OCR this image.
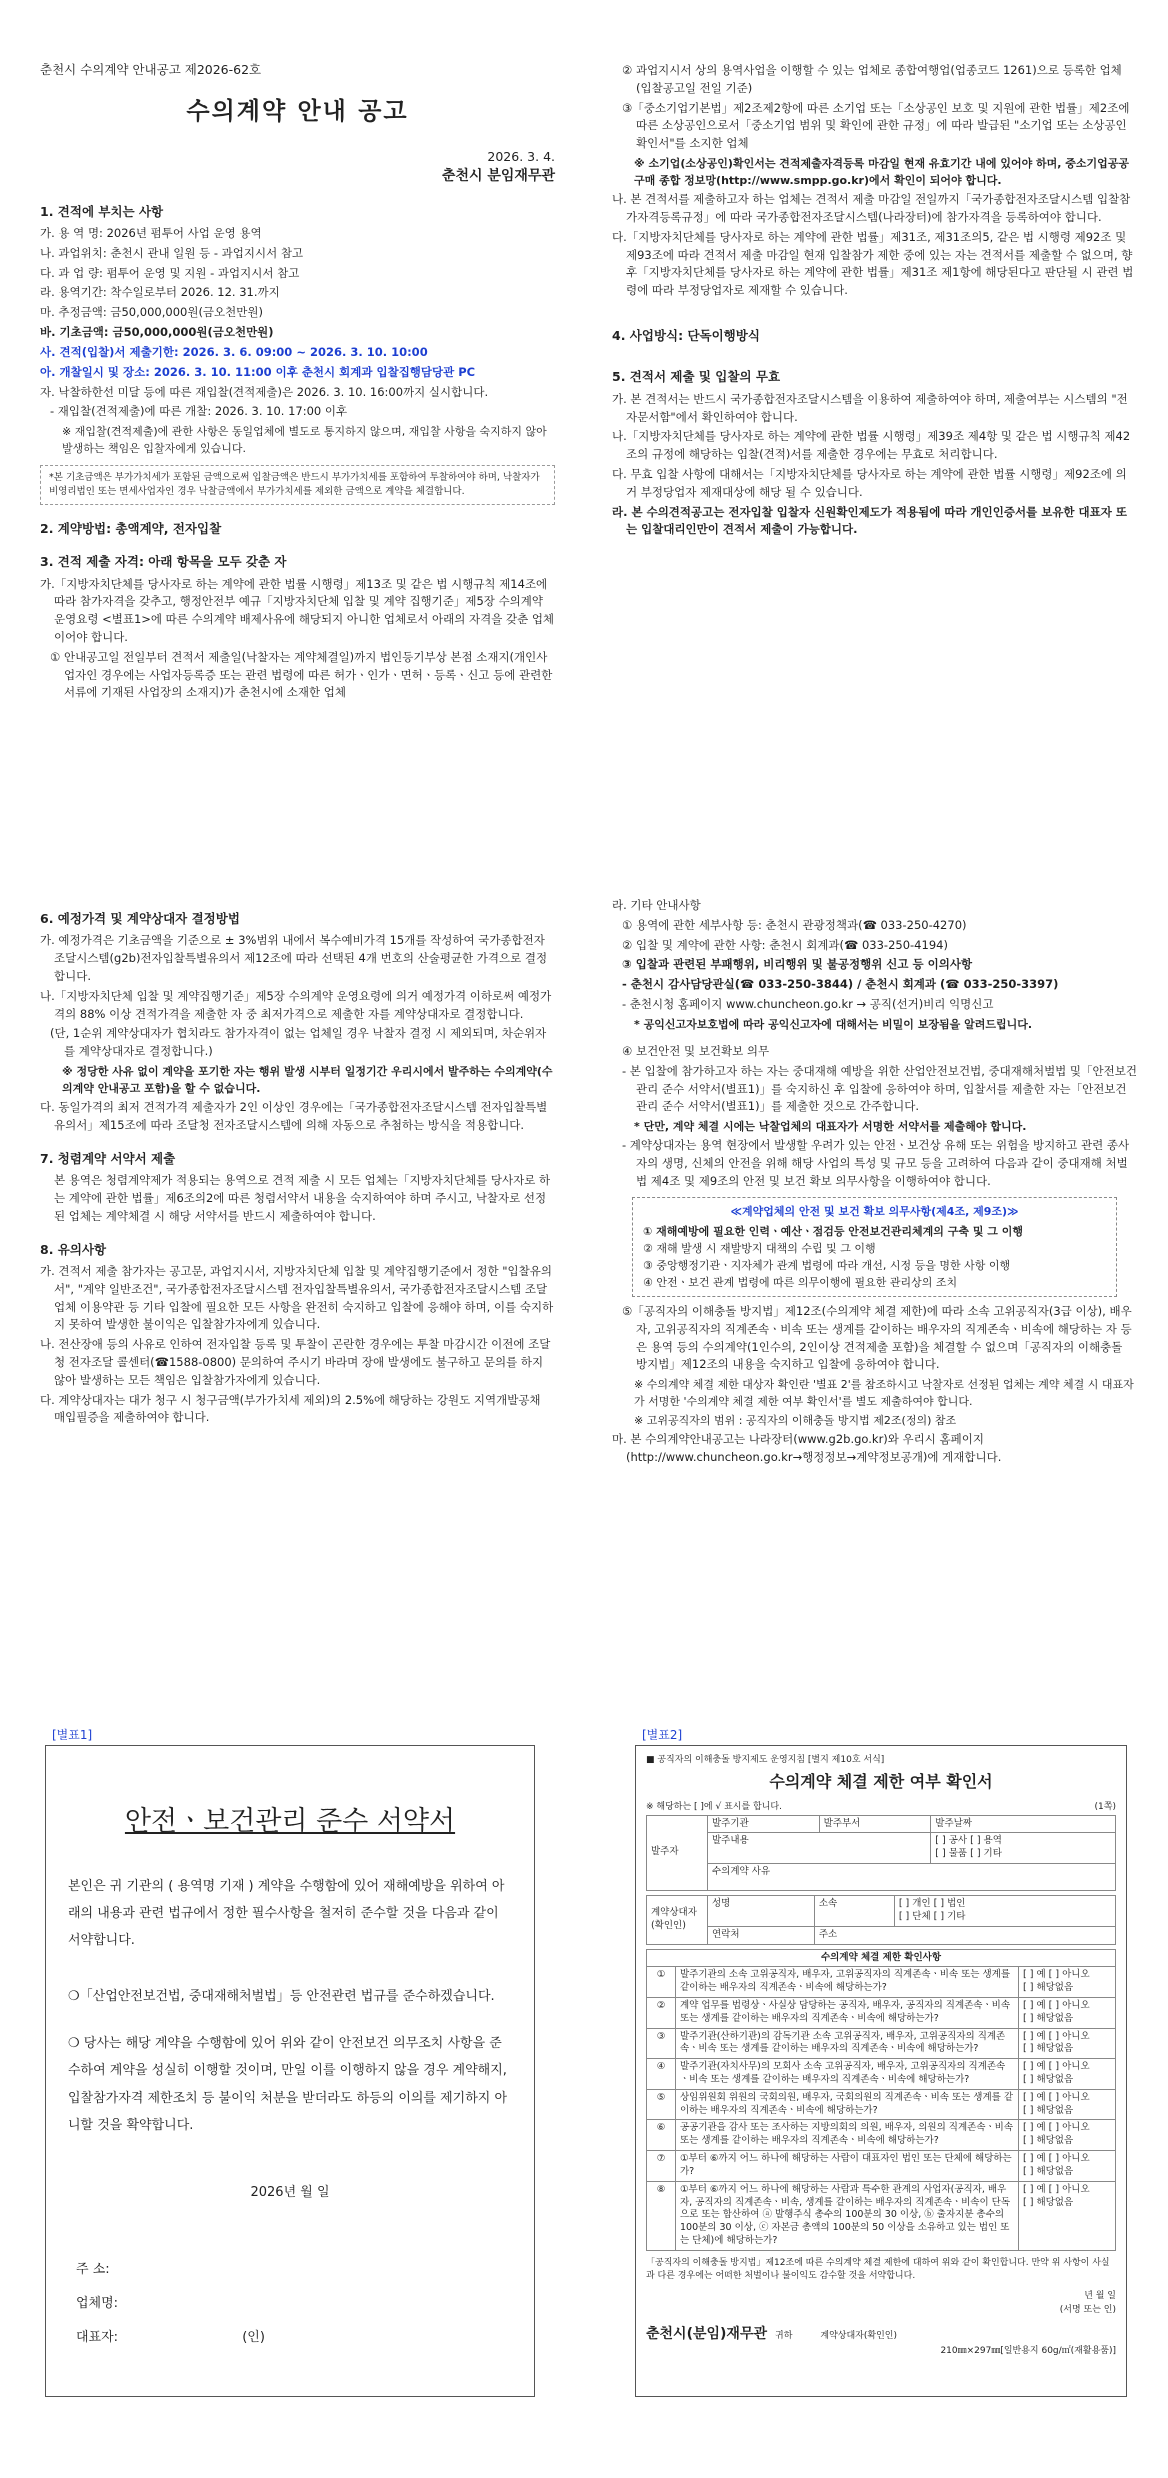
춘천시 수의계약 안내공고 제2026-62호
수의계약 안내 공고
2026. 3. 4.
춘천시 분임재무관
1. 견적에 부치는 사항
가. 용 역 명: 2026년 펌투어 사업 운영 용역
나. 과업위치: 춘천시 관내 일원 등 - 과업지시서 참고
다. 과 업 량: 펌투어 운영 및 지원 - 과업지시서 참고
라. 용역기간: 착수일로부터 2026. 12. 31.까지
마. 추정금액: 금50,000,000원(금오천만원)
바. 기초금액: 금50,000,000원(금오천만원)
사. 견적(입찰)서 제출기한: 2026. 3. 6. 09:00 ~ 2026. 3. 10. 10:00
아. 개찰일시 및 장소: 2026. 3. 10. 11:00 이후 춘천시 회계과 입찰집행담당관 PC
자. 낙찰하한선 미달 등에 따른 재입찰(견적제출)은 2026. 3. 10. 16:00까지 실시합니다.
- 재입찰(견적제출)에 따른 개찰: 2026. 3. 10. 17:00 이후
※ 재입찰(견적제출)에 관한 사항은 동일업체에 별도로 통지하지 않으며, 재입찰 사항을 숙지하지 않아 발생하는 책임은 입찰자에게 있습니다.
*본 기초금액은 부가가치세가 포함된 금액으로써 입찰금액은 반드시 부가가치세를 포함하여 투찰하여야 하며, 낙찰자가 비영리법인 또는 면세사업자인 경우 낙찰금액에서 부가가치세를 제외한 금액으로 계약을 체결합니다.
2. 계약방법: 총액계약, 전자입찰
3. 견적 제출 자격: 아래 항목을 모두 갖춘 자
가.「지방자치단체를 당사자로 하는 계약에 관한 법률 시행령」제13조 및 같은 법 시행규칙 제14조에 따라 참가자격을 갖추고, 행정안전부 예규「지방자치단체 입찰 및 계약 집행기준」제5장 수의계약 운영요령 <별표1>에 따른 수의계약 배제사유에 해당되지 아니한 업체로서 아래의 자격을 갖춘 업체이어야 합니다.
① 안내공고일 전일부터 견적서 제출일(낙찰자는 계약체결일)까지 법인등기부상 본점 소재지(개인사업자인 경우에는 사업자등록증 또는 관련 법령에 따른 허가ㆍ인가ㆍ면허ㆍ등록ㆍ신고 등에 관련한 서류에 기재된 사업장의 소재지)가 춘천시에 소재한 업체
② 과업지시서 상의 용역사업을 이행할 수 있는 업체로 종합여행업(업종코드 1261)으로 등록한 업체(입찰공고일 전일 기준)
③「중소기업기본법」제2조제2항에 따른 소기업 또는「소상공인 보호 및 지원에 관한 법률」제2조에 따른 소상공인으로서「중소기업 범위 및 확인에 관한 규정」에 따라 발급된 "소기업 또는 소상공인 확인서"를 소지한 업체
※ 소기업(소상공인)확인서는 견적제출자격등록 마감일 현재 유효기간 내에 있어야 하며, 중소기업공공구매 종합 정보망(http://www.smpp.go.kr)에서 확인이 되어야 합니다.
나. 본 견적서를 제출하고자 하는 업체는 견적서 제출 마감일 전일까지「국가종합전자조달시스템 입찰참가자격등록규정」에 따라 국가종합전자조달시스템(나라장터)에 참가자격을 등록하여야 합니다.
다.「지방자치단체를 당사자로 하는 계약에 관한 법률」제31조, 제31조의5, 같은 법 시행령 제92조 및 제93조에 따라 견적서 제출 마감일 현재 입찰참가 제한 중에 있는 자는 견적서를 제출할 수 없으며, 향후「지방자치단체를 당사자로 하는 계약에 관한 법률」제31조 제1항에 해당된다고 판단될 시 관련 법령에 따라 부정당업자로 제재할 수 있습니다.
4. 사업방식: 단독이행방식
5. 견적서 제출 및 입찰의 무효
가. 본 견적서는 반드시 국가종합전자조달시스템을 이용하여 제출하여야 하며, 제출여부는 시스템의 "전자문서함"에서 확인하여야 합니다.
나.「지방자치단체를 당사자로 하는 계약에 관한 법률 시행령」제39조 제4항 및 같은 법 시행규칙 제42조의 규정에 해당하는 입찰(견적)서를 제출한 경우에는 무효로 처리합니다.
다. 무효 입찰 사항에 대해서는「지방자치단체를 당사자로 하는 계약에 관한 법률 시행령」제92조에 의거 부정당업자 제재대상에 해당 될 수 있습니다.
라. 본 수의견적공고는 전자입찰 입찰자 신원확인제도가 적용됨에 따라 개인인증서를 보유한 대표자 또는 입찰대리인만이 견적서 제출이 가능합니다.
6. 예정가격 및 계약상대자 결정방법
가. 예정가격은 기초금액을 기준으로 ± 3%범위 내에서 복수예비가격 15개를 작성하여 국가종합전자조달시스템(g2b)전자입찰특별유의서 제12조에 따라 선택된 4개 번호의 산술평균한 가격으로 결정합니다.
나.「지방자치단체 입찰 및 계약집행기준」제5장 수의계약 운영요령에 의거 예정가격 이하로써 예정가격의 88% 이상 견적가격을 제출한 자 중 최저가격으로 제출한 자를 계약상대자로 결정합니다.
(단, 1순위 계약상대자가 협치라도 참가자격이 없는 업체일 경우 낙찰자 결정 시 제외되며, 차순위자를 계약상대자로 결정합니다.)
※ 정당한 사유 없이 계약을 포기한 자는 행위 발생 시부터 일정기간 우리시에서 발주하는 수의계약(수의계약 안내공고 포함)을 할 수 없습니다.
다. 동일가격의 최저 견적가격 제출자가 2인 이상인 경우에는「국가종합전자조달시스템 전자입찰특별유의서」제15조에 따라 조달청 전자조달시스템에 의해 자동으로 추첨하는 방식을 적용합니다.
7. 청렴계약 서약서 제출
본 용역은 청렴계약제가 적용되는 용역으로 견적 제출 시 모든 업체는「지방자치단체를 당사자로 하는 계약에 관한 법률」제6조의2에 따른 청렴서약서 내용을 숙지하여야 하며 주시고, 낙찰자로 선정된 업체는 계약체결 시 해당 서약서를 반드시 제출하여야 합니다.
8. 유의사항
가. 견적서 제출 참가자는 공고문, 과업지시서, 지방자치단체 입찰 및 계약집행기준에서 정한 "입찰유의서", "계약 일반조건", 국가종합전자조달시스템 전자입찰특별유의서, 국가종합전자조달시스템 조달업체 이용약관 등 기타 입찰에 필요한 모든 사항을 완전히 숙지하고 입찰에 응해야 하며, 이를 숙지하지 못하여 발생한 불이익은 입찰참가자에게 있습니다.
나. 전산장애 등의 사유로 인하여 전자입찰 등록 및 투찰이 곤란한 경우에는 투찰 마감시간 이전에 조달청 전자조달 콜센터(☎1588-0800) 문의하여 주시기 바라며 장애 발생에도 불구하고 문의를 하지 않아 발생하는 모든 책임은 입찰참가자에게 있습니다.
다. 계약상대자는 대가 청구 시 청구금액(부가가치세 제외)의 2.5%에 해당하는 강원도 지역개발공채 매입필증을 제출하여야 합니다.
라. 기타 안내사항
① 용역에 관한 세부사항 등: 춘천시 관광정책과(☎ 033-250-4270)
② 입찰 및 계약에 관한 사항: 춘천시 회계과(☎ 033-250-4194)
③ 입찰과 관련된 부패행위, 비리행위 및 불공정행위 신고 등 이의사항
- 춘천시 감사담당관실(☎ 033-250-3844) / 춘천시 회계과 (☎ 033-250-3397)
- 춘천시청 홈페이지 www.chuncheon.go.kr → 공직(선거)비리 익명신고
* 공익신고자보호법에 따라 공익신고자에 대해서는 비밀이 보장됨을 알려드립니다.
④ 보건안전 및 보건확보 의무
- 본 입찰에 참가하고자 하는 자는 중대재해 예방을 위한 산업안전보건법, 중대재해처벌법 및「안전보건관리 준수 서약서(별표1)」를 숙지하신 후 입찰에 응하여야 하며, 입찰서를 제출한 자는「안전보건관리 준수 서약서(별표1)」를 제출한 것으로 간주합니다.
* 단만, 계약 체결 시에는 낙찰업체의 대표자가 서명한 서약서를 제출해야 합니다.
- 계약상대자는 용역 현장에서 발생할 우려가 있는 안전ㆍ보건상 유해 또는 위험을 방지하고 관련 종사자의 생명, 신체의 안전을 위해 해당 사업의 특성 및 규모 등을 고려하여 다음과 같이 중대재해 처벌법 제4조 및 제9조의 안전 및 보건 확보 의무사항을 이행하여야 합니다.
≪계약업체의 안전 및 보건 확보 의무사항(제4조, 제9조)≫
① 재해예방에 필요한 인력ㆍ예산ㆍ점검등 안전보건관리체계의 구축 및 그 이행
② 재해 발생 시 재발방지 대책의 수립 및 그 이행
③ 중앙행정기관ㆍ지자체가 관계 법령에 따라 개선, 시정 등을 명한 사항 이행
④ 안전ㆍ보건 관계 법령에 따른 의무이행에 필요한 관리상의 조치
⑤「공직자의 이해충돌 방지법」제12조(수의계약 체결 제한)에 따라 소속 고위공직자(3급 이상), 배우자, 고위공직자의 직계존속ㆍ비속 또는 생계를 같이하는 배우자의 직계존속ㆍ비속에 해당하는 자 등은 용역 등의 수의계약(1인수의, 2인이상 견적제출 포함)을 체결할 수 없으며「공직자의 이해충돌 방지법」제12조의 내용을 숙지하고 입찰에 응하여야 합니다.
※ 수의계약 체결 제한 대상자 확인란 '별표 2'를 참조하시고 낙찰자로 선정된 업체는 계약 체결 시 대표자가 서명한 '수의계약 체결 제한 여부 확인서'를 별도 제출하여야 합니다.
※ 고위공직자의 범위 : 공직자의 이해충돌 방지법 제2조(정의) 참조
마. 본 수의계약안내공고는 나라장터(www.g2b.go.kr)와 우리시 홈페이지 (http://www.chuncheon.go.kr→행정정보→계약정보공개)에 게재합니다.
[별표1]
안전ㆍ보건관리 준수 서약서
본인은 귀 기관의 ( 용역명 기재 ) 계약을 수행함에 있어 재해예방을 위하여 아래의 내용과 관련 법규에서 정한 필수사항을 철저히 준수할 것을 다음과 같이 서약합니다.
❍「산업안전보건법, 중대재해처벌법」등 안전관련 법규를 준수하겠습니다.
❍ 당사는 해당 계약을 수행함에 있어 위와 같이 안전보건 의무조치 사항을 준수하여 계약을 성실히 이행할 것이며, 만일 이를 이행하지 않을 경우 계약해지, 입찰참가자격 제한조치 등 불이익 처분을 받더라도 하등의 이의를 제기하지 아니할 것을 확약합니다.
2026년 월 일
주 소:
업체명:
대표자:	(인)
[별표2]
■ 공직자의 이해충돌 방지제도 운영지침 [별지 제10호 서식]
수의계약 체결 제한 여부 확인서
※ 해당하는 [ ]에 √ 표시를 합니다.	(1쪽)
발주자	발주기관	발주부서	발주날짜
	발주내용		[ ] 공사 [ ] 용역
[ ] 물품 [ ] 기타

	수의계약 사유		
계약상대자 (확인인)	성명	소속	[ ] 개인 [ ] 법인
[ ] 단체 [ ] 기타

	연락처	주소	
수의계약 체결 제한 확인사항		
①	발주기관의 소속 고위공직자, 배우자, 고위공직자의 직계존속ㆍ비속 또는 생계를 같이하는 배우자의 직계존속ㆍ비속에 해당하는가?	[ ] 예 [ ] 아니오
[ ] 해당없음

②	계약 업무를 법령상ㆍ사실상 담당하는 공직자, 배우자, 공직자의 직계존속ㆍ비속 또는 생계를 같이하는 배우자의 직계존속ㆍ비속에 해당하는가?	[ ] 예 [ ] 아니오
[ ] 해당없음

③	발주기관(산하기관)의 감독기관 소속 고위공직자, 배우자, 고위공직자의 직계존속ㆍ비속 또는 생계를 같이하는 배우자의 직계존속ㆍ비속에 해당하는가?	[ ] 예 [ ] 아니오
[ ] 해당없음

④	발주기관(자치사무)의 모회사 소속 고위공직자, 배우자, 고위공직자의 직계존속ㆍ비속 또는 생계를 같이하는 배우자의 직계존속ㆍ비속에 해당하는가?	[ ] 예 [ ] 아니오
[ ] 해당없음

⑤	상임위원회 위원의 국회의원, 배우자, 국회의원의 직계존속ㆍ비속 또는 생계를 같이하는 배우자의 직계존속ㆍ비속에 해당하는가?	[ ] 예 [ ] 아니오
[ ] 해당없음

⑥	공공기관을 감사 또는 조사하는 지방의회의 의원, 배우자, 의원의 직계존속ㆍ비속 또는 생계를 같이하는 배우자의 직계존속ㆍ비속에 해당하는가?	[ ] 예 [ ] 아니오
[ ] 해당없음

⑦	①부터 ⑥까지 어느 하나에 해당하는 사람이 대표자인 법인 또는 단체에 해당하는가?	[ ] 예 [ ] 아니오
[ ] 해당없음

⑧	①부터 ⑥까지 어느 하나에 해당하는 사람과 특수한 관계의 사업자(공직자, 배우자, 공직자의 직계존속ㆍ비속, 생계를 같이하는 배우자의 직계존속ㆍ비속이 단독으로 또는 합산하여 ⓐ 발행주식 총수의 100분의 30 이상, ⓑ 출자지분 총수의 100분의 30 이상, ⓒ 자본금 총액의 100분의 50 이상을 소유하고 있는 법인 또는 단체)에 해당하는가?	[ ] 예 [ ] 아니오
[ ] 해당없음
「공직자의 이해충돌 방지법」제12조에 따른 수의계약 체결 제한에 대하여 위와 같이 확인합니다. 만약 위 사항이 사실과 다른 경우에는 어떠한 처벌이나 불이익도 감수할 것을 서약합니다.
년 월 일
(서명 또는 인)
춘천시(분임)재무관 귀하	계약상대자(확인인)
210㎜×297㎜[일반용지 60g/㎡(재활용품)]
